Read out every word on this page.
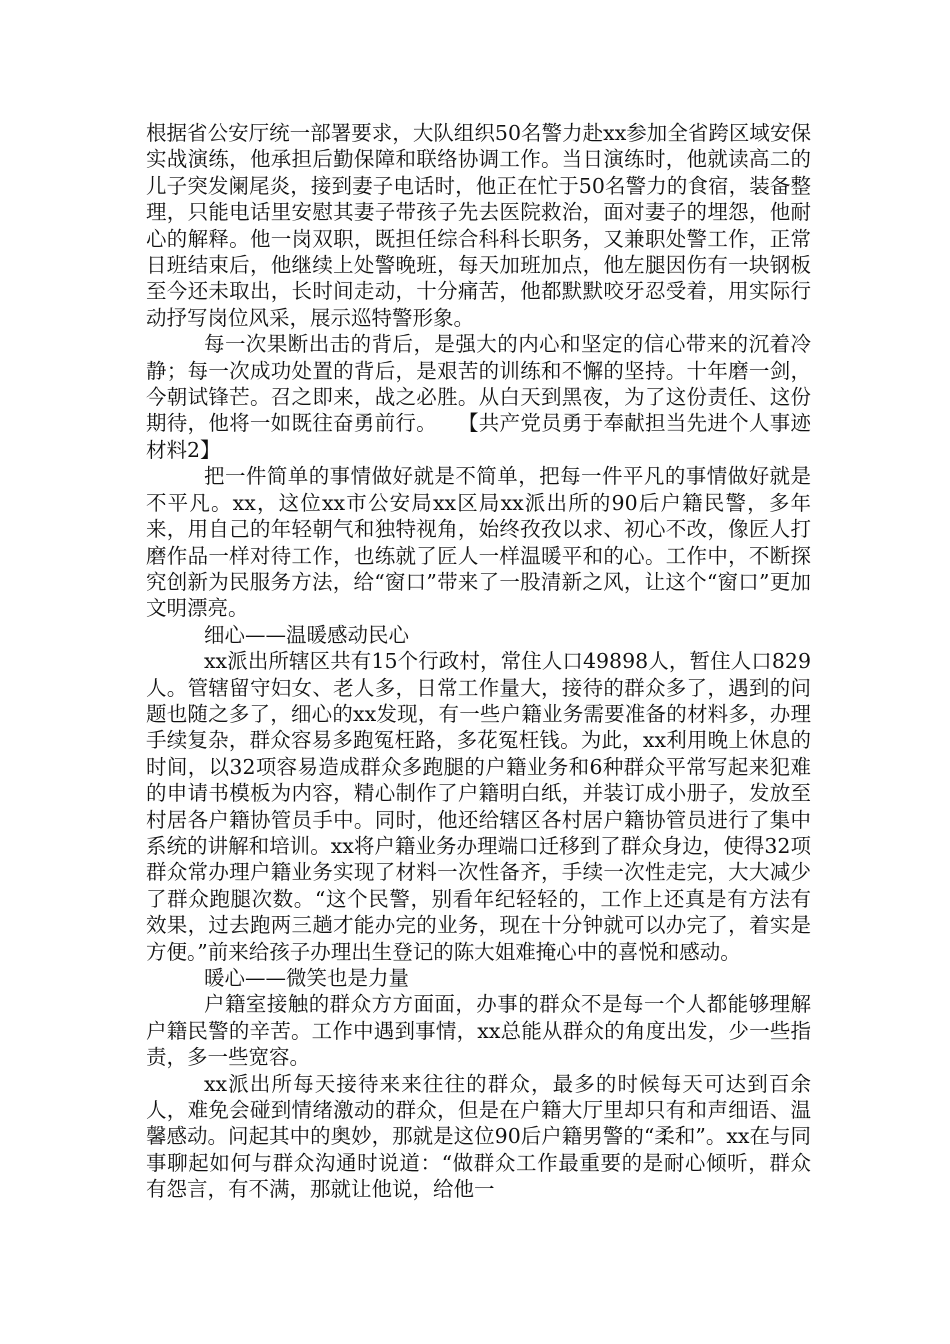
根据省公安厅统一部署要求，大队组织50名警力赴xx参加全省跨区域安保实战演练，他承担后勤保障和联络协调工作。当日演练时，他就读高二的儿子突发阑尾炎，接到妻子电话时，他正在忙于50名警力的食宿，装备整理，只能电话里安慰其妻子带孩子先去医院救治，面对妻子的埋怨，他耐心的解释。他一岗双职，既担任综合科科长职务，又兼职处警工作，正常日班结束后，他继续上处警晚班，每天加班加点，他左腿因伤有一块钢板至今还未取出，长时间走动，十分痛苦，他都默默咬牙忍受着，用实际行动抒写岗位风采，展示巡特警形象。

每一次果断出击的背后，是强大的内心和坚定的信心带来的沉着冷静；每一次成功处置的背后，是艰苦的训练和不懈的坚持。十年磨一剑，今朝试锋芒。召之即来，战之必胜。从白天到黑夜，为了这份责任、这份期待，他将一如既往奋勇前行。　　【共产党员勇于奉献担当先进个人事迹材料2】

把一件简单的事情做好就是不简单，把每一件平凡的事情做好就是不平凡。xx，这位xx市公安局xx区局xx派出所的90后户籍民警，多年来，用自己的年轻朝气和独特视角，始终孜孜以求、初心不改，像匠人打磨作品一样对待工作，也练就了匠人一样温暖平和的心。工作中，不断探究创新为民服务方法，给“窗口”带来了一股清新之风，让这个“窗口”更加文明漂亮。

细心——温暖感动民心

xx派出所辖区共有15个行政村，常住人口49898人，暂住人口829人。管辖留守妇女、老人多，日常工作量大，接待的群众多了，遇到的问题也随之多了，细心的xx发现，有一些户籍业务需要准备的材料多，办理手续复杂，群众容易多跑冤枉路，多花冤枉钱。为此，xx利用晚上休息的时间，以32项容易造成群众多跑腿的户籍业务和6种群众平常写起来犯难的申请书模板为内容，精心制作了户籍明白纸，并装订成小册子，发放至村居各户籍协管员手中。同时，他还给辖区各村居户籍协管员进行了集中系统的讲解和培训。xx将户籍业务办理端口迁移到了群众身边，使得32项群众常办理户籍业务实现了材料一次性备齐，手续一次性走完，大大减少了群众跑腿次数。“这个民警，别看年纪轻轻的，工作上还真是有方法有效果，过去跑两三趟才能办完的业务，现在十分钟就可以办完了，着实是方便。”前来给孩子办理出生登记的陈大姐难掩心中的喜悦和感动。

暖心——微笑也是力量

户籍室接触的群众方方面面，办事的群众不是每一个人都能够理解户籍民警的辛苦。工作中遇到事情，xx总能从群众的角度出发，少一些指责，多一些宽容。

xx派出所每天接待来来往往的群众，最多的时候每天可达到百余人，难免会碰到情绪激动的群众，但是在户籍大厅里却只有和声细语、温馨感动。问起其中的奥妙，那就是这位90后户籍男警的“柔和”。xx在与同事聊起如何与群众沟通时说道：“做群众工作最重要的是耐心倾听，群众有怨言，有不满，那就让他说，给他一
